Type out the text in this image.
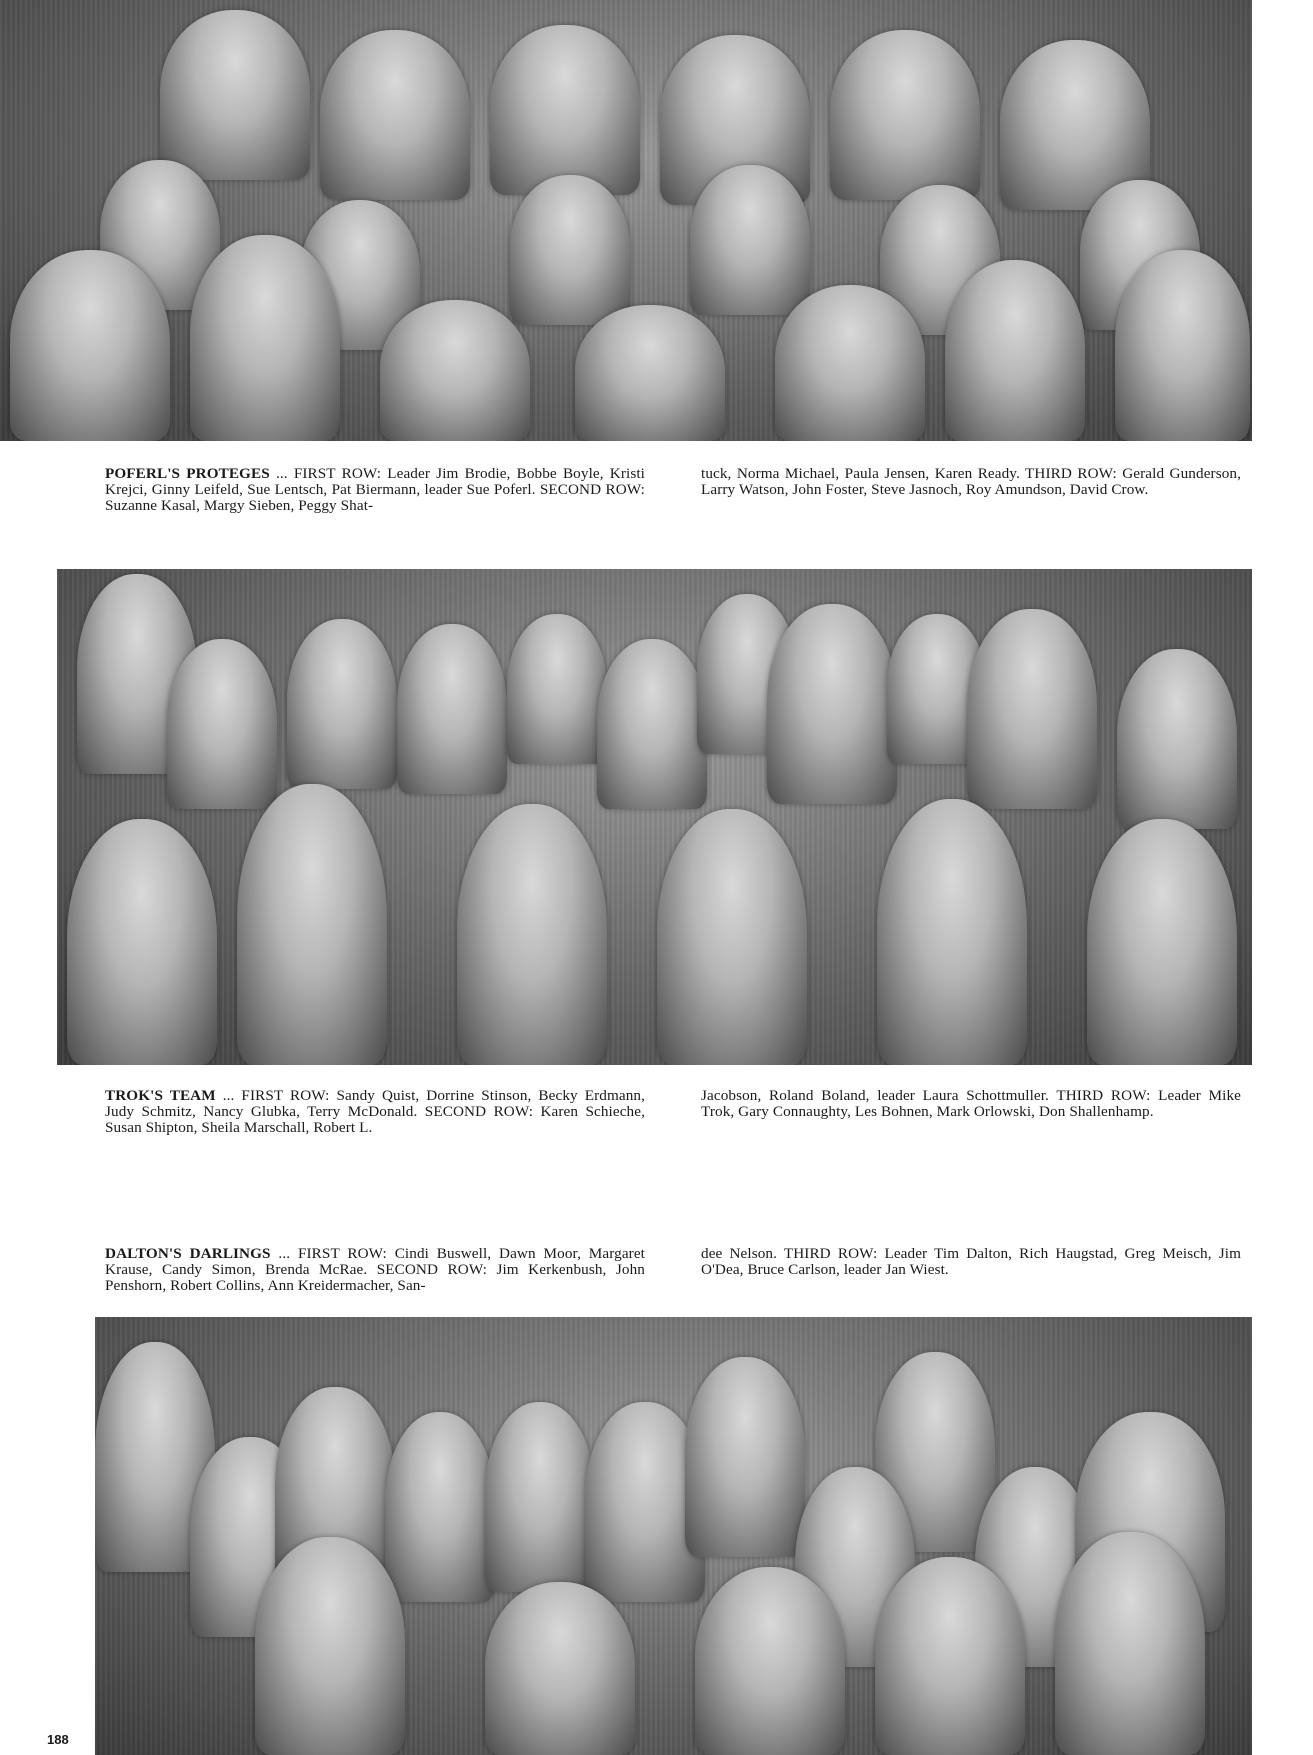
POFERL'S PROTEGES ... FIRST ROW: Leader Jim Brodie, Bobbe Boyle, Kristi Krejci, Ginny Leifeld, Sue Lentsch, Pat Biermann, leader Sue Poferl. SECOND ROW: Suzanne Kasal, Margy Sieben, Peggy Shat-
tuck, Norma Michael, Paula Jensen, Karen Ready. THIRD ROW: Gerald Gunderson, Larry Watson, John Foster, Steve Jasnoch, Roy Amundson, David Crow.
TROK'S TEAM ... FIRST ROW: Sandy Quist, Dorrine Stinson, Becky Erdmann, Judy Schmitz, Nancy Glubka, Terry McDonald. SECOND ROW: Karen Schieche, Susan Shipton, Sheila Marschall, Robert L.
Jacobson, Roland Boland, leader Laura Schottmuller. THIRD ROW: Leader Mike Trok, Gary Connaughty, Les Bohnen, Mark Orlowski, Don Shallenhamp.
DALTON'S DARLINGS ... FIRST ROW: Cindi Buswell, Dawn Moor, Margaret Krause, Candy Simon, Brenda McRae. SECOND ROW: Jim Kerkenbush, John Penshorn, Robert Collins, Ann Kreidermacher, San-
dee Nelson. THIRD ROW: Leader Tim Dalton, Rich Haugstad, Greg Meisch, Jim O'Dea, Bruce Carlson, leader Jan Wiest.
188
